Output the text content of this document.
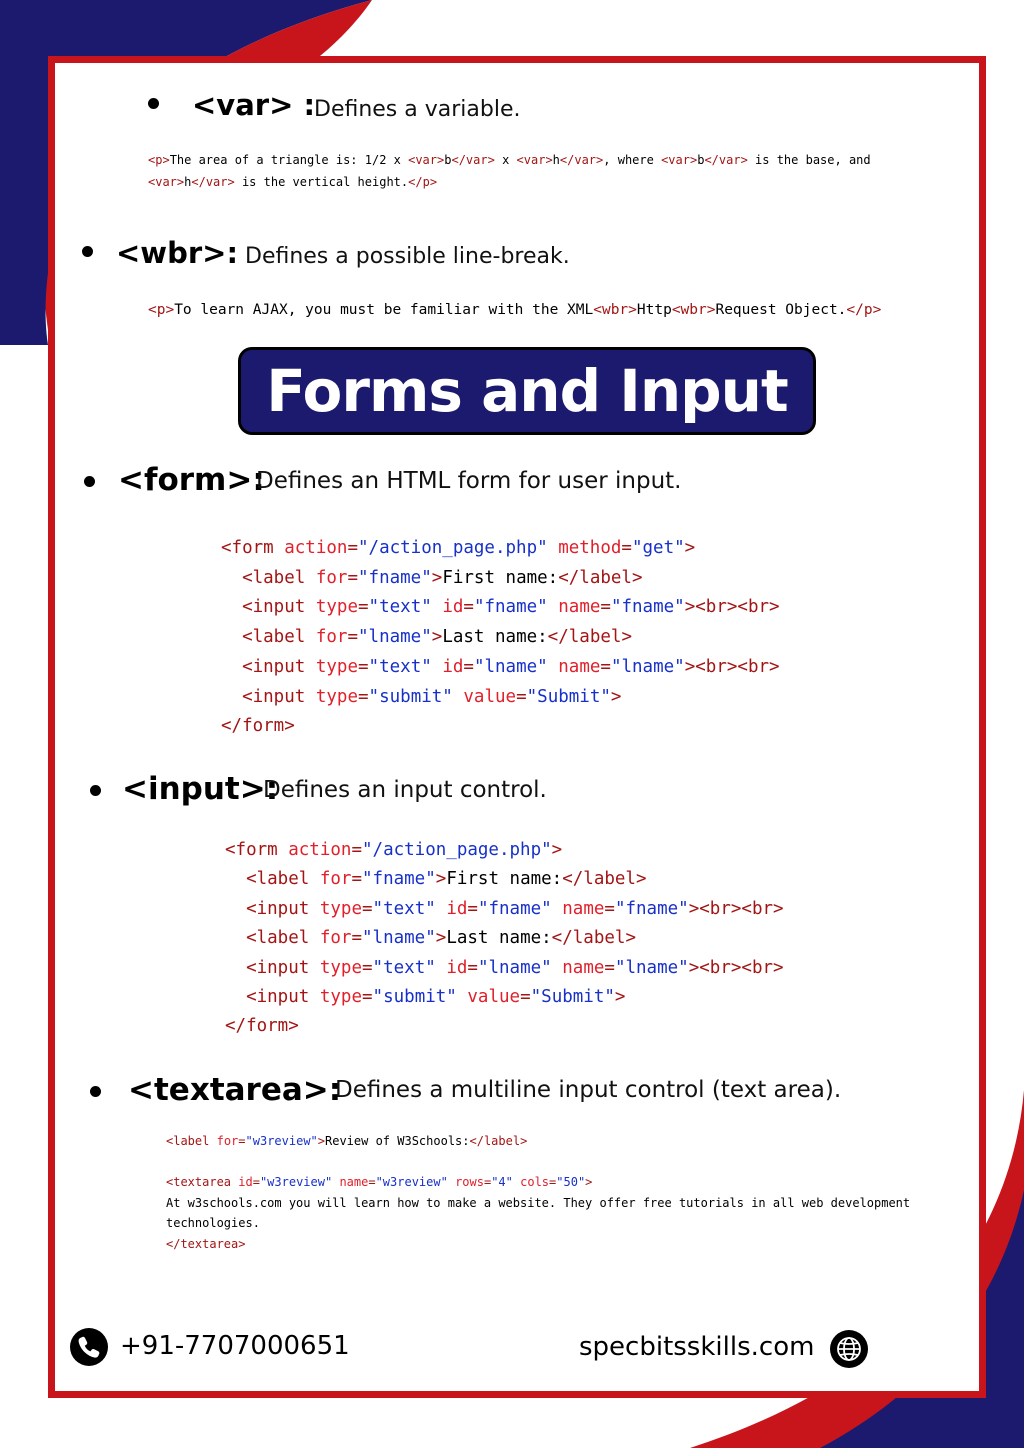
<var> :
Defines a variable.
<p>The area of a triangle is: 1/2 x <var>b</var> x <var>h</var>, where <var>b</var> is the base, and
<var>h</var> is the vertical height.</p>
<wbr>: Defines a possible line-break.
<p>To learn AJAX, you must be familiar with the XML<wbr>Http<wbr>Request Object.</p>
Forms and Input
<form>:
Defines an HTML form for user input.
<form action="/action_page.php" method="get">
<label for="fname">First name:</label>
<input type="text" id="fname" name="fname"><br><br>
<label for="lname">Last name:</label>
<input type="text" id="lname" name="lname"><br><br>
<input type="submit" value="Submit">
</form>
<input>:
Defines an input control.
<form action="/action_page.php">
<label for="fname">First name:</label>
<input type="text" id="fname" name="fname"><br><br>
<label for="lname">Last name:</label>
<input type="text" id="lname" name="lname"><br><br>
<input type="submit" value="Submit">
</form>
<textarea>:
Defines a multiline input control (text area).
<label for="w3review">Review of W3Schools:</label>
<textarea id="w3review" name="w3review" rows="4" cols="50">
At w3schools.com you will learn how to make a website. They offer free tutorials in all web development
technologies.
</textarea>
+91-7707000651	specbitsskills.com
